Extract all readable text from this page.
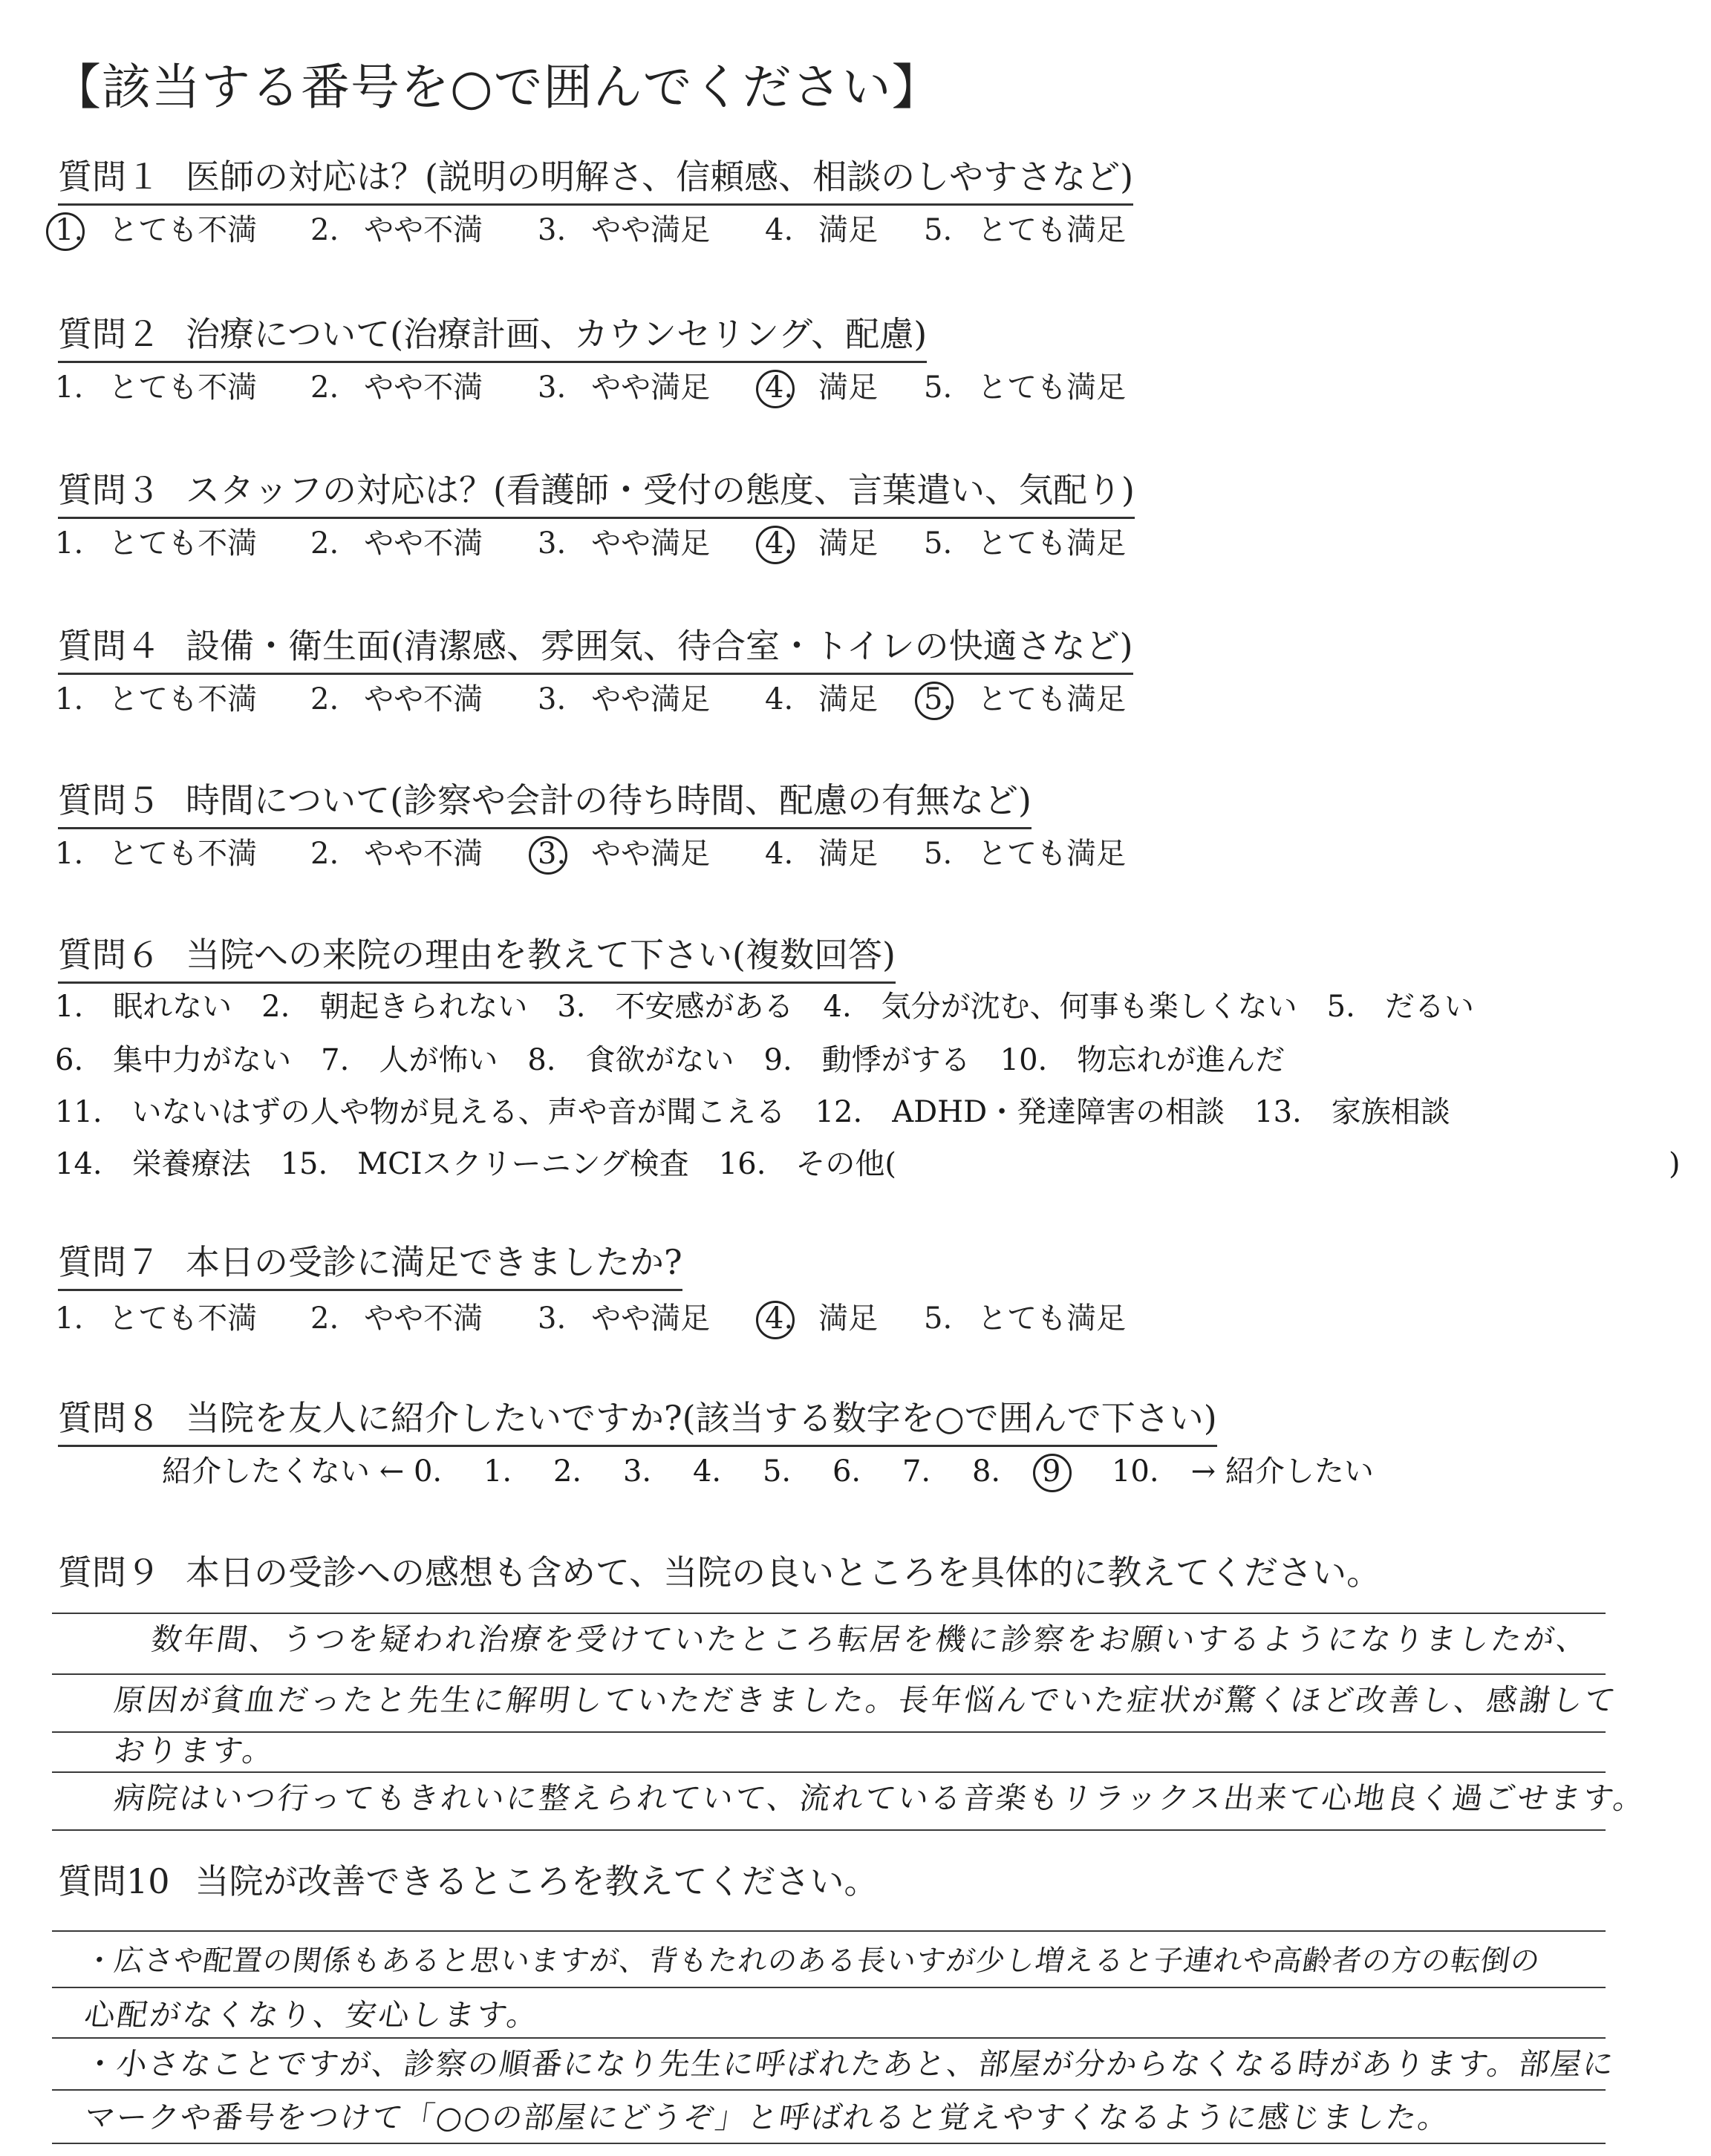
【該当する番号を○で囲んでください】
質問１ 医師の対応は？(説明の明解さ、信頼感、相談のしやすさなど)
1. とても不満 2. やや不満 3. やや満足 4. 満足 5. とても満足
質問２ 治療について(治療計画、カウンセリング、配慮)
1. とても不満 2. やや不満 3. やや満足 4. 満足 5. とても満足
質問３ スタッフの対応は？(看護師・受付の態度、言葉遣い、気配り)
1. とても不満 2. やや不満 3. やや満足 4. 満足 5. とても満足
質問４ 設備・衛生面(清潔感、雰囲気、待合室・トイレの快適さなど)
1. とても不満 2. やや不満 3. やや満足 4. 満足 5. とても満足
質問５ 時間について(診察や会計の待ち時間、配慮の有無など)
1. とても不満 2. やや不満 3. やや満足 4. 満足 5. とても満足
質問６ 当院への来院の理由を教えて下さい(複数回答)
1.　眠れない　2.　朝起きられない　3.　不安感がある　4.　気分が沈む、何事も楽しくない　5.　だるい
6.　集中力がない　7.　人が怖い　8.　食欲がない　9.　動悸がする　10.　物忘れが進んだ
11.　いないはずの人や物が見える、声や音が聞こえる　12.　ADHD・発達障害の相談　13.　家族相談
14.　栄養療法　15.　MCIスクリーニング検査　16.　その他(　　　　　　　　　　　　　　　　　　　　　　　　　　)
質問７ 本日の受診に満足できましたか?
1. とても不満 2. やや不満 3. やや満足 4. 満足 5. とても満足
質問８ 当院を友人に紹介したいですか?(該当する数字を○で囲んで下さい)
紹介したくない ← 0. 1. 2. 3. 4. 5. 6. 7. 8. 9 10. → 紹介したい
質問９ 本日の受診への感想も含めて、当院の良いところを具体的に教えてください。
数年間、うつを疑われ治療を受けていたところ転居を機に診察をお願いするようになりましたが、
原因が貧血だったと先生に解明していただきました。長年悩んでいた症状が驚くほど改善し、感謝して
おります。
病院はいつ行ってもきれいに整えられていて、流れている音楽もリラックス出来て心地良く過ごせます。
質問10 当院が改善できるところを教えてください。
・広さや配置の関係もあると思いますが、背もたれのある長いすが少し増えると子連れや高齢者の方の転倒の
心配がなくなり、安心します。
・小さなことですが、診察の順番になり先生に呼ばれたあと、部屋が分からなくなる時があります。部屋に
マークや番号をつけて「○○の部屋にどうぞ」と呼ばれると覚えやすくなるように感じました。
